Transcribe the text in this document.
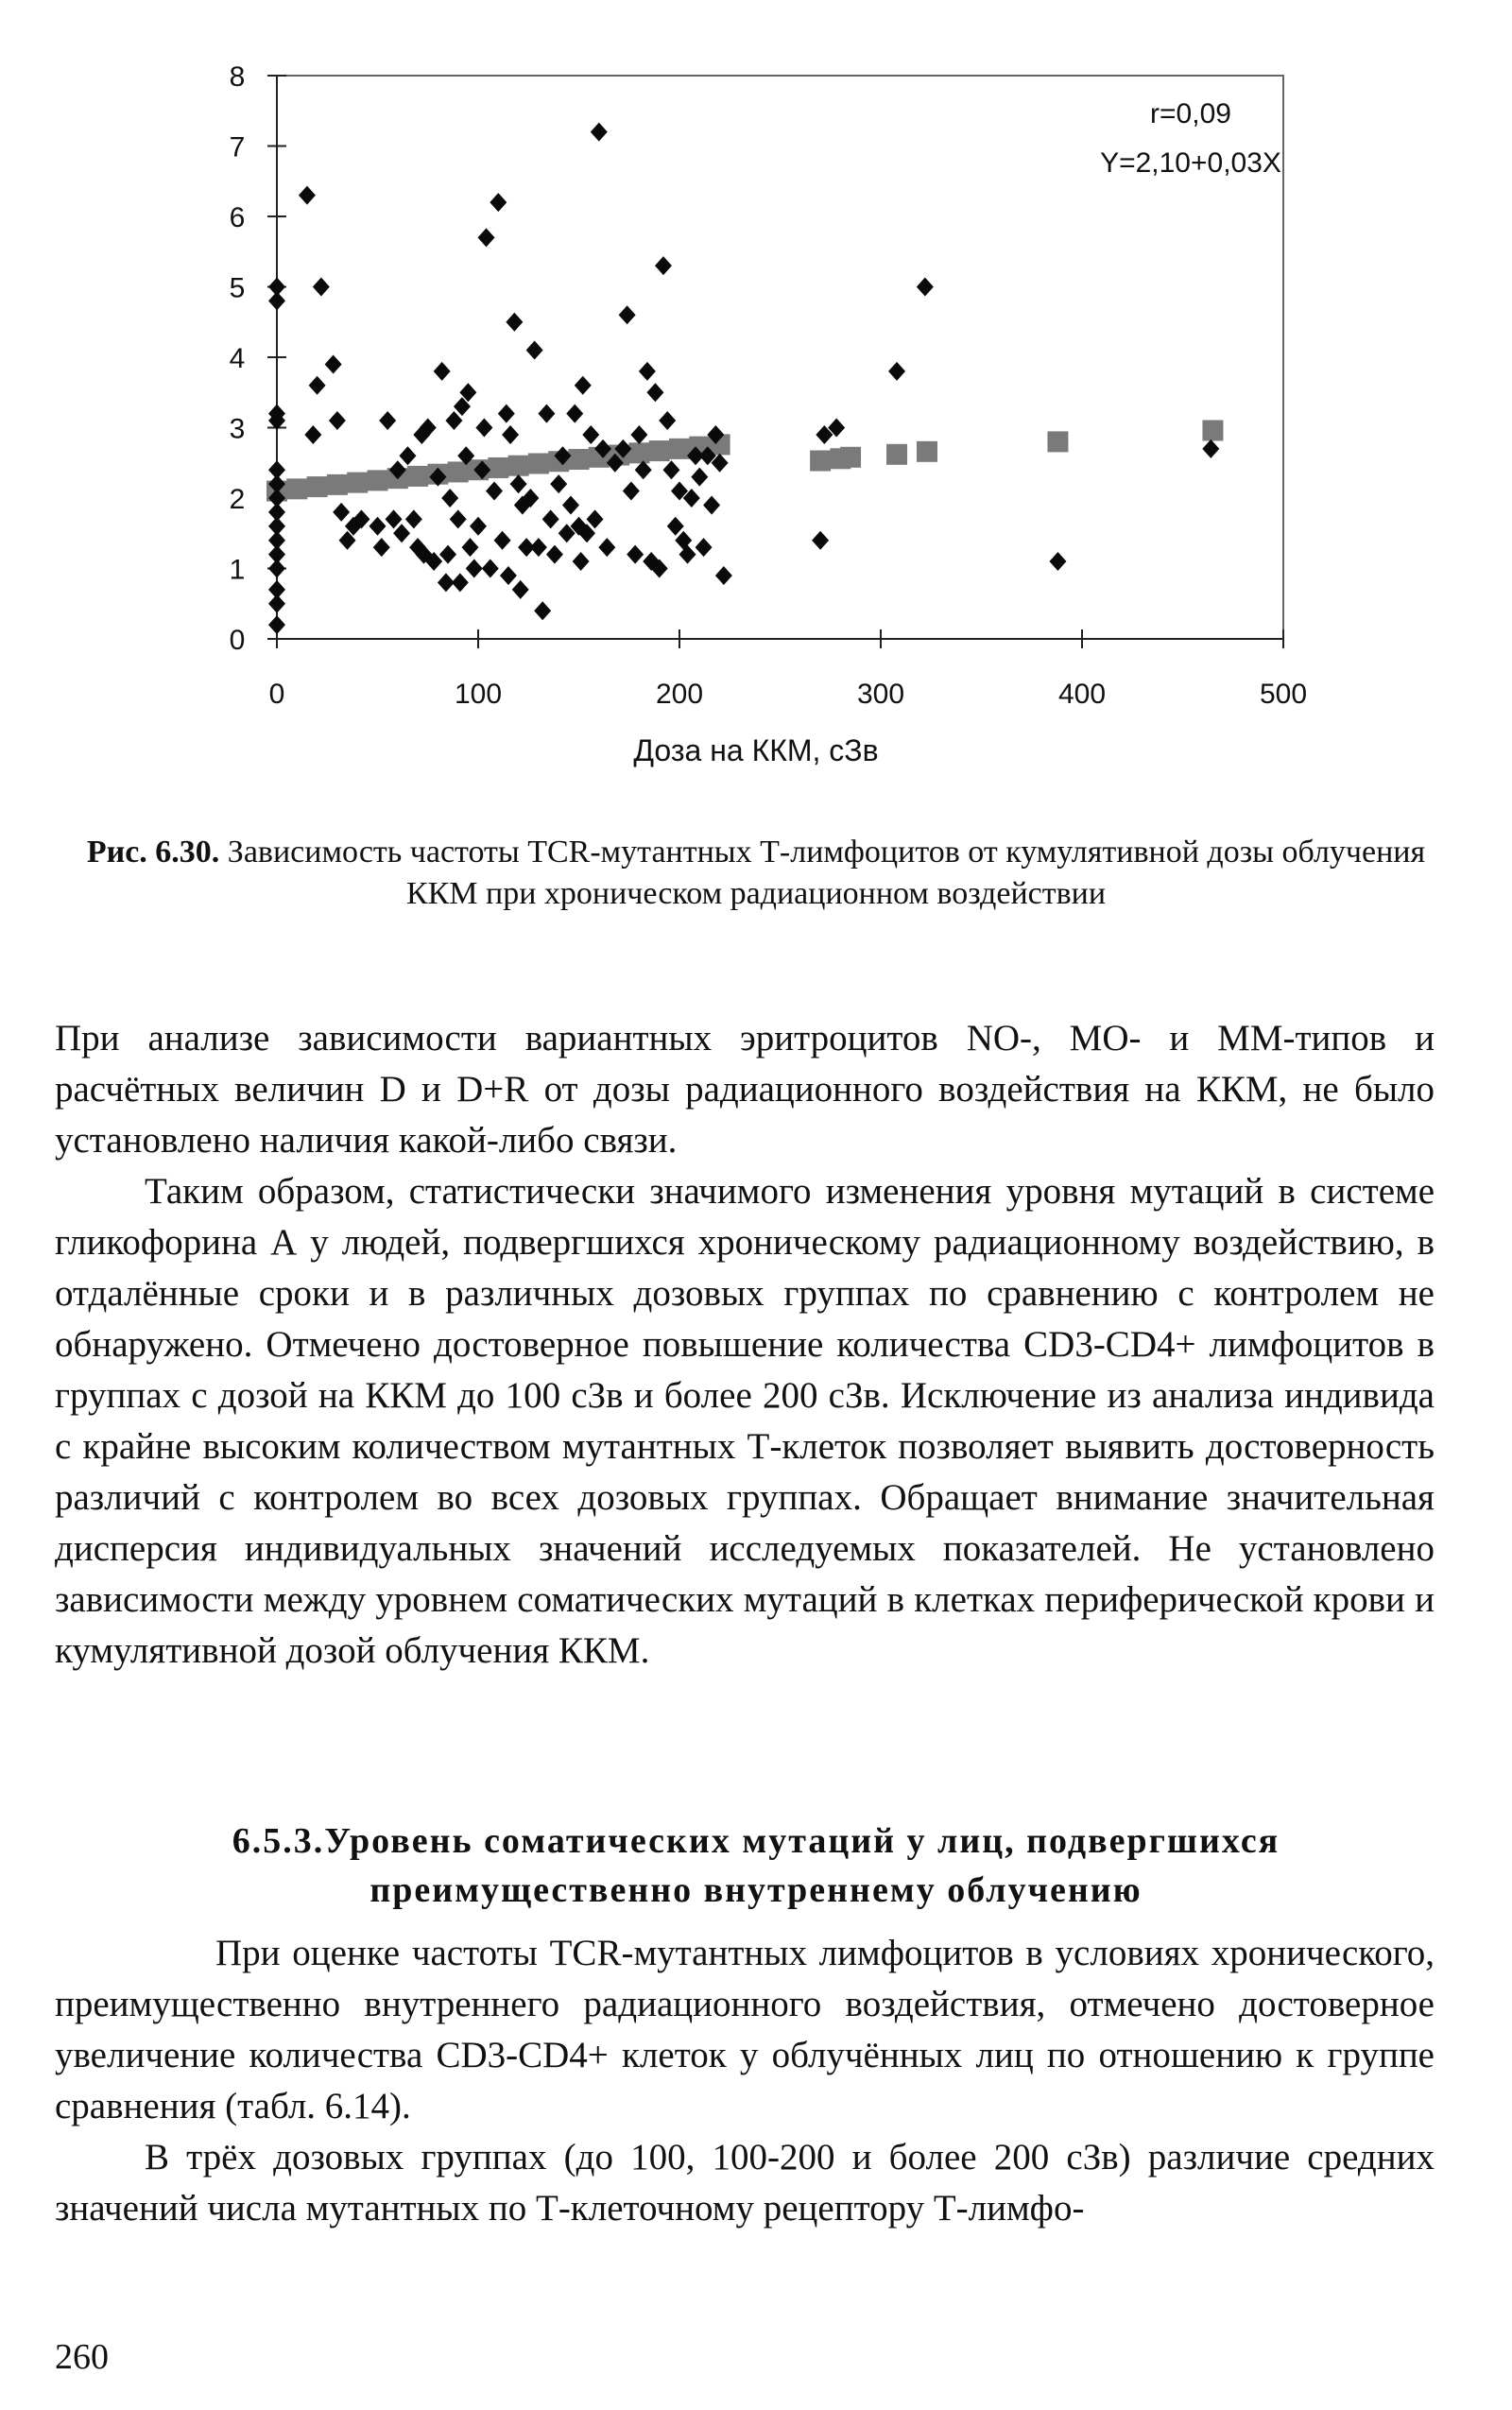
0
1
2
3
4
5
6
7
8
0	100	200	300	400	500
r=0,09
Y=2,10+0,03X
Доза на ККМ, сЗв
Рис. 6.30. Зависимость частоты TCR-мутантных Т-лимфоцитов от кумулятивной дозы облучения ККМ при хроническом радиационном воздействии

При анализе зависимости вариантных эритроцитов NO-, МО- и ММ-типов и расчётных величин D и D+R от дозы радиационного воздействия на ККМ, не было установлено наличия какой-либо связи.

Таким образом, статистически значимого изменения уровня мутаций в системе гликофорина А у людей, подвергшихся хроническому радиационному воздействию, в отдалённые сроки и в различных дозовых группах по сравнению с контролем не обнаружено. Отмечено достоверное повышение количества CD3-CD4+ лимфоцитов в группах с дозой на ККМ до 100 сЗв и более 200 сЗв. Исключение из анализа индивида с крайне высоким количеством мутантных Т-клеток позволяет выявить достоверность различий с контролем во всех дозовых группах. Обращает внимание значительная дисперсия индивидуальных значений исследуемых показателей. Не установлено зависимости между уровнем соматических мутаций в клетках периферической крови и кумулятивной дозой облучения ККМ.

6.5.3.Уровень соматических мутаций у лиц, подвергшихся
преимущественно внутреннему облучению

При оценке частоты TCR-мутантных лимфоцитов в условиях хронического, преимущественно внутреннего радиационного воздействия, отмечено достоверное увеличение количества CD3-CD4+ клеток у облучённых лиц по отношению к группе сравнения (табл. 6.14).

В трёх дозовых группах (до 100, 100-200 и более 200 сЗв) различие средних значений числа мутантных по Т-клеточному рецептору Т-лимфо-

260
